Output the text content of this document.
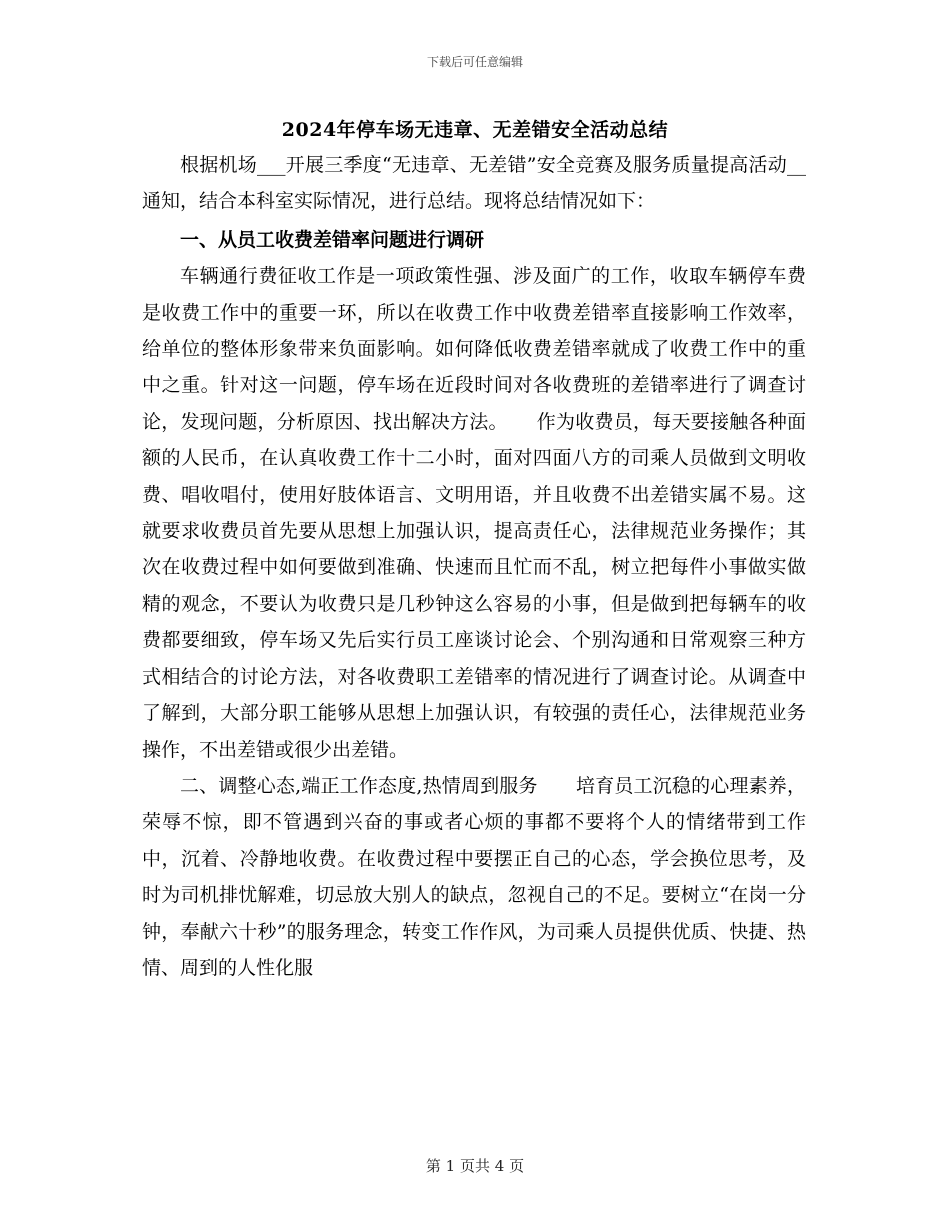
下载后可任意编辑
2024年停车场无违章、无差错安全活动总结

根据机场___开展三季度“无违章、无差错”安全竞赛及服务质量提高活动__通知，结合本科室实际情况，进行总结。现将总结情况如下：

一、从员工收费差错率问题进行调研

车辆通行费征收工作是一项政策性强、涉及面广的工作，收取车辆停车费是收费工作中的重要一环，所以在收费工作中收费差错率直接影响工作效率，给单位的整体形象带来负面影响。如何降低收费差错率就成了收费工作中的重中之重。针对这一问题，停车场在近段时间对各收费班的差错率进行了调查讨论，发现问题，分析原因、找出解决方法。　　作为收费员，每天要接触各种面额的人民币，在认真收费工作十二小时，面对四面八方的司乘人员做到文明收费、唱收唱付，使用好肢体语言、文明用语，并且收费不出差错实属不易。这就要求收费员首先要从思想上加强认识，提高责任心，法律规范业务操作；其次在收费过程中如何要做到准确、快速而且忙而不乱，树立把每件小事做实做精的观念，不要认为收费只是几秒钟这么容易的小事，但是做到把每辆车的收费都要细致，停车场又先后实行员工座谈讨论会、个别沟通和日常观察三种方式相结合的讨论方法，对各收费职工差错率的情况进行了调查讨论。从调查中了解到，大部分职工能够从思想上加强认识，有较强的责任心，法律规范业务操作，不出差错或很少出差错。

二、调整心态,端正工作态度,热情周到服务　　培育员工沉稳的心理素养，荣辱不惊，即不管遇到兴奋的事或者心烦的事都不要将个人的情绪带到工作中，沉着、冷静地收费。在收费过程中要摆正自己的心态，学会换位思考，及时为司机排忧解难，切忌放大别人的缺点，忽视自己的不足。要树立“在岗一分钟，奉献六十秒”的服务理念，转变工作作风，为司乘人员提供优质、快捷、热情、周到的人性化服

第 1 页共 4 页
